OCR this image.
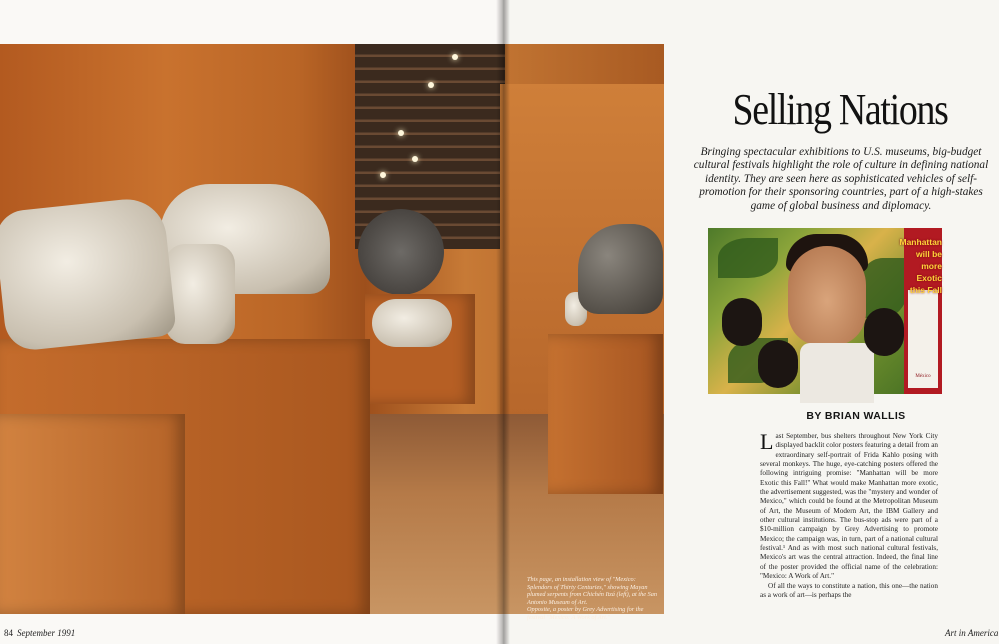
This page, an installation view of "Mexico: Splendors of Thirty Centuries," showing Mayan plumed serpents from Chichén Itzá (left), at the San Antonio Museum of Art.

Opposite, a poster by Grey Advertising for the festival "Mexico: A Work of Art."

84 September 1991
Selling Nations
Bringing spectacular exhibitions to U.S. museums, big-budget cultural festivals highlight the role of culture in defining national identity. They are seen here as sophisticated vehicles of self-promotion for their sponsoring countries, part of a high-stakes game of global business and diplomacy.
Manhattan will be
more
Exotic
this Fall
México
BY BRIAN WALLIS

Last September, bus shelters throughout New York City displayed backlit color posters featuring a detail from an extraordinary self-portrait of Frida Kahlo posing with several monkeys. The huge, eye-catching posters offered the following intriguing promise: "Manhattan will be more Exotic this Fall!" What would make Manhattan more exotic, the advertisement suggested, was the "mystery and wonder of Mexico," which could be found at the Metropolitan Museum of Art, the Museum of Modern Art, the IBM Gallery and other cultural institutions. The bus-stop ads were part of a $10-million campaign by Grey Advertising to promote Mexico; the campaign was, in turn, part of a national cultural festival.¹ And as with most such national cultural festivals, Mexico's art was the central attraction. Indeed, the final line of the poster provided the official name of the celebration: "Mexico: A Work of Art."

Of all the ways to constitute a nation, this one—the nation as a work of art—is perhaps the

Art in America
